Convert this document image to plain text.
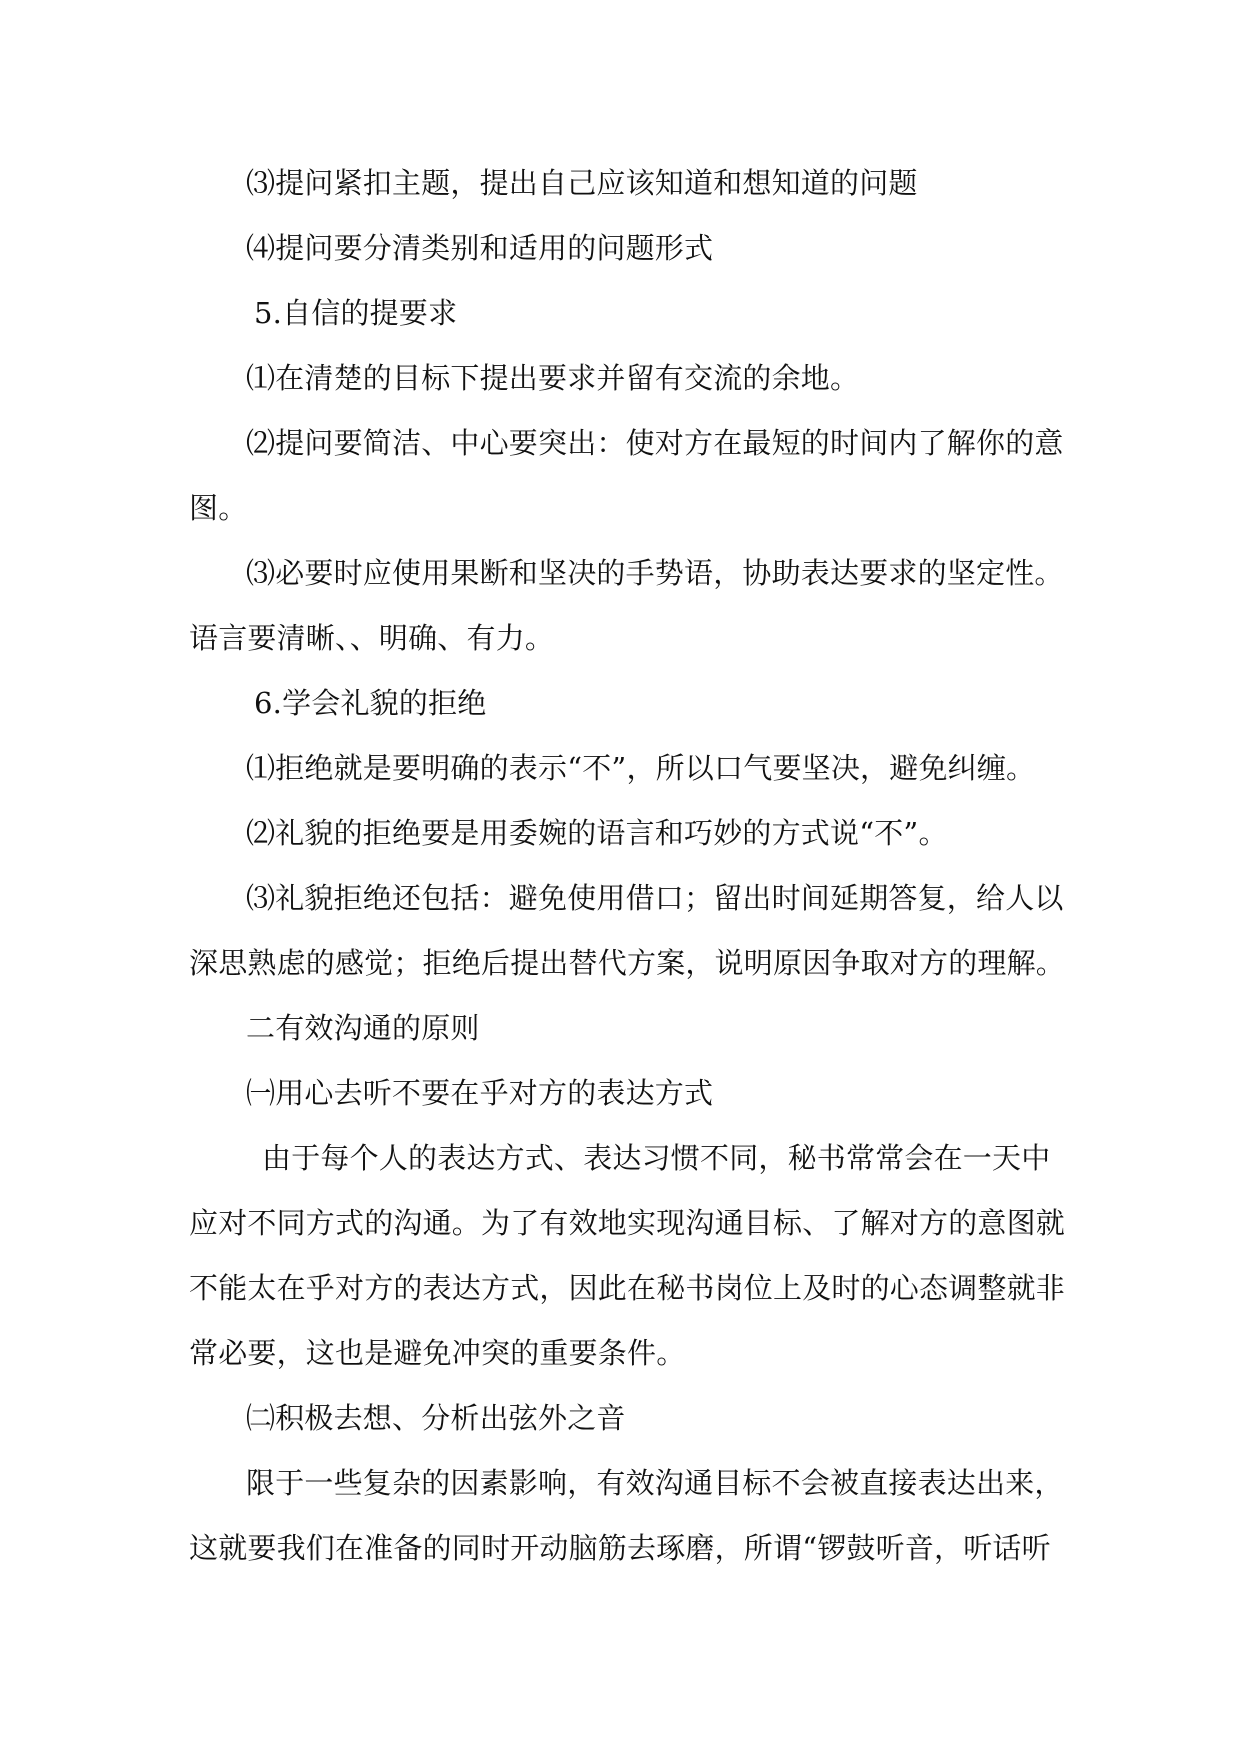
⑶提问紧扣主题，提出自己应该知道和想知道的问题
⑷提问要分清类别和适用的问题形式
5.自信的提要求
⑴在清楚的目标下提出要求并留有交流的余地。
⑵提问要简洁、中心要突出：使对方在最短的时间内了解你的意
图。
⑶必要时应使用果断和坚决的手势语，协助表达要求的坚定性。
语言要清晰、、明确、有力。
6.学会礼貌的拒绝
⑴拒绝就是要明确的表示“不”，所以口气要坚决，避免纠缠。
⑵礼貌的拒绝要是用委婉的语言和巧妙的方式说“不”。
⑶礼貌拒绝还包括：避免使用借口；留出时间延期答复，给人以
深思熟虑的感觉；拒绝后提出替代方案，说明原因争取对方的理解。
二有效沟通的原则
㈠用心去听不要在乎对方的表达方式
由于每个人的表达方式、表达习惯不同，秘书常常会在一天中
应对不同方式的沟通。为了有效地实现沟通目标、了解对方的意图就
不能太在乎对方的表达方式，因此在秘书岗位上及时的心态调整就非
常必要，这也是避免冲突的重要条件。
㈡积极去想、分析出弦外之音
限于一些复杂的因素影响，有效沟通目标不会被直接表达出来，
这就要我们在准备的同时开动脑筋去琢磨，所谓“锣鼓听音，听话听
